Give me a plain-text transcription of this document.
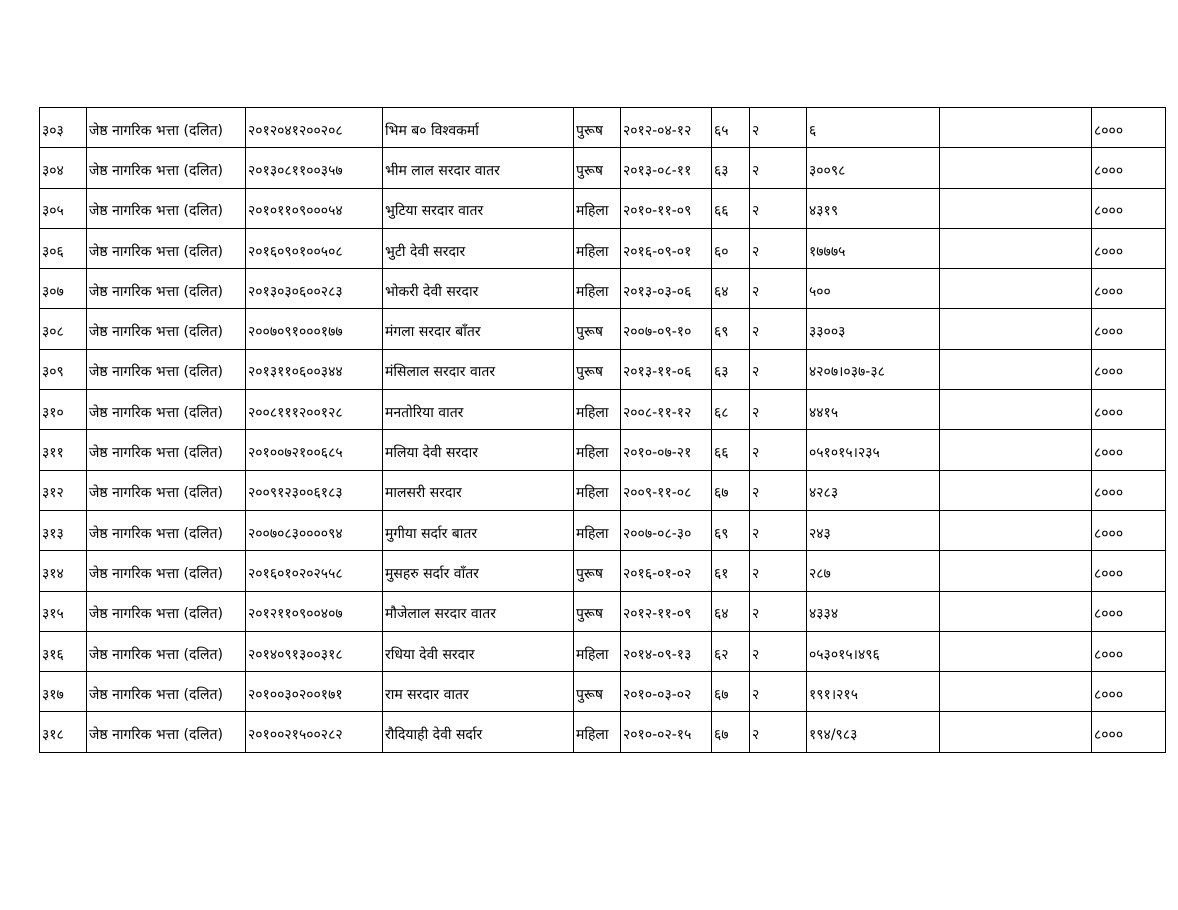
३०३	जेष्ठ नागरिक भत्ता (दलित)	२०१२०४१२००२०८	भिम ब० विश्वकर्मा	पुरूष	२०१२-०४-१२	६५	२	६		८०००
३०४	जेष्ठ नागरिक भत्ता (दलित)	२०१३०८११००३५७	भीम लाल सरदार वातर	पुरूष	२०१३-०८-११	६३	२	३००९८		८०००
३०५	जेष्ठ नागरिक भत्ता (दलित)	२०१०११०९०००५४	भुटिया सरदार वातर	महिला	२०१०-११-०९	६६	२	४३१९		८०००
३०६	जेष्ठ नागरिक भत्ता (दलित)	२०१६०९०१००५०८	भुटी देवी सरदार	महिला	२०१६-०९-०१	६०	२	१७७७५		८०००
३०७	जेष्ठ नागरिक भत्ता (दलित)	२०१३०३०६००२८३	भोकरी देवी सरदार	महिला	२०१३-०३-०६	६४	२	५००		८०००
३०८	जेष्ठ नागरिक भत्ता (दलित)	२००७०९१०००१७७	मंगला सरदार बाँतर	पुरूष	२००७-०९-१०	६९	२	३३००३		८०००
३०९	जेष्ठ नागरिक भत्ता (दलित)	२०१३११०६००३४४	मंसिलाल सरदार वातर	पुरूष	२०१३-११-०६	६३	२	४२०७।०३७-३८		८०००
३१०	जेष्ठ नागरिक भत्ता (दलित)	२००८१११२००१२८	मनतोरिया वातर	महिला	२००८-११-१२	६८	२	४४१५		८०००
३११	जेष्ठ नागरिक भत्ता (दलित)	२०१००७२१००६८५	मलिया देवी सरदार	महिला	२०१०-०७-२१	६६	२	०५१०१५।२३५		८०००
३१२	जेष्ठ नागरिक भत्ता (दलित)	२००९१२३००६१८३	मालसरी सरदार	महिला	२००९-११-०८	६७	२	४२८३		८०००
३१३	जेष्ठ नागरिक भत्ता (दलित)	२००७०८३००००९४	मुगीया सर्दार बातर	महिला	२००७-०८-३०	६९	२	२४३		८०००
३१४	जेष्ठ नागरिक भत्ता (दलित)	२०१६०१०२०२५५८	मुसहरु सर्दार वाँतर	पुरूष	२०१६-०१-०२	६१	२	२८७		८०००
३१५	जेष्ठ नागरिक भत्ता (दलित)	२०१२११०९००४०७	मौजेलाल सरदार वातर	पुरूष	२०१२-११-०९	६४	२	४३३४		८०००
३१६	जेष्ठ नागरिक भत्ता (दलित)	२०१४०९१३००३१८	रधिया देवी सरदार	महिला	२०१४-०९-१३	६२	२	०५३०१५।४९६		८०००
३१७	जेष्ठ नागरिक भत्ता (दलित)	२०१००३०२००१७१	राम सरदार वातर	पुरूष	२०१०-०३-०२	६७	२	१९१।२१५		८०००
३१८	जेष्ठ नागरिक भत्ता (दलित)	२०१००२१५००२८२	रौदियाही देवी सर्दार	महिला	२०१०-०२-१५	६७	२	१९४/९८३		८०००
